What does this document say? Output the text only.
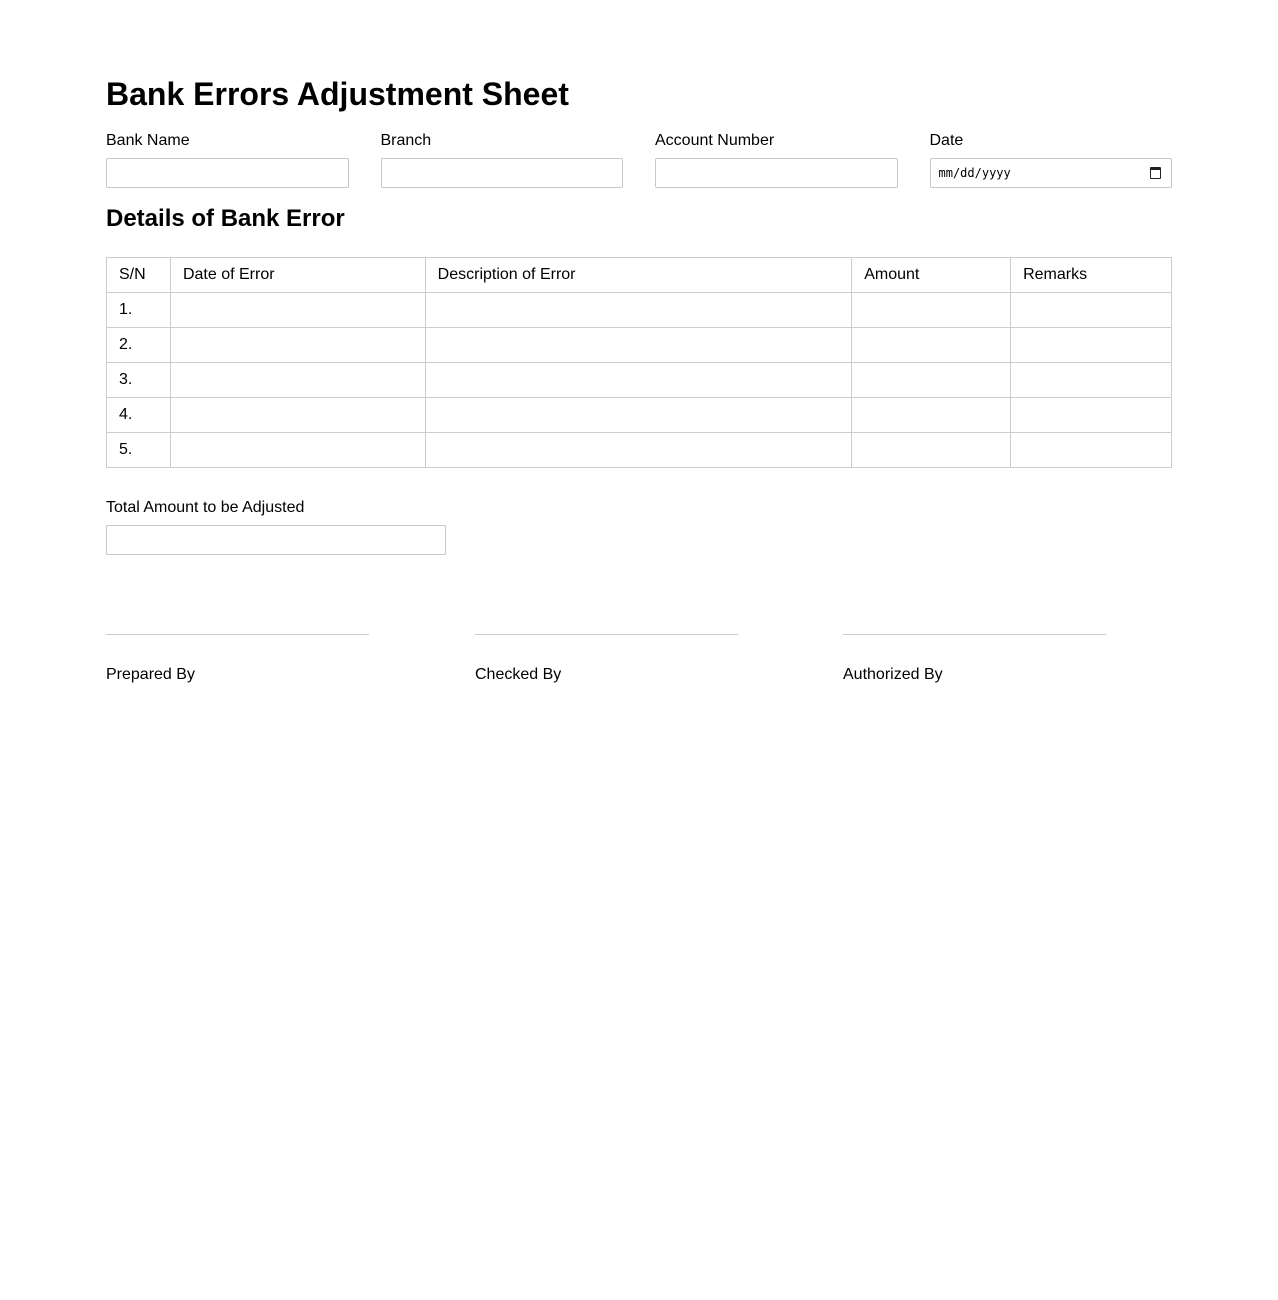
Bank Errors Adjustment Sheet
Bank Name	Branch	Account Number	Date
mm/dd/yyyy
Details of Bank Error
S/N	Date of Error	Description of Error	Amount	Remarks
1.				
2.				
3.				
4.				
5.				
Total Amount to be Adjusted
Prepared By	Checked By	Authorized By
